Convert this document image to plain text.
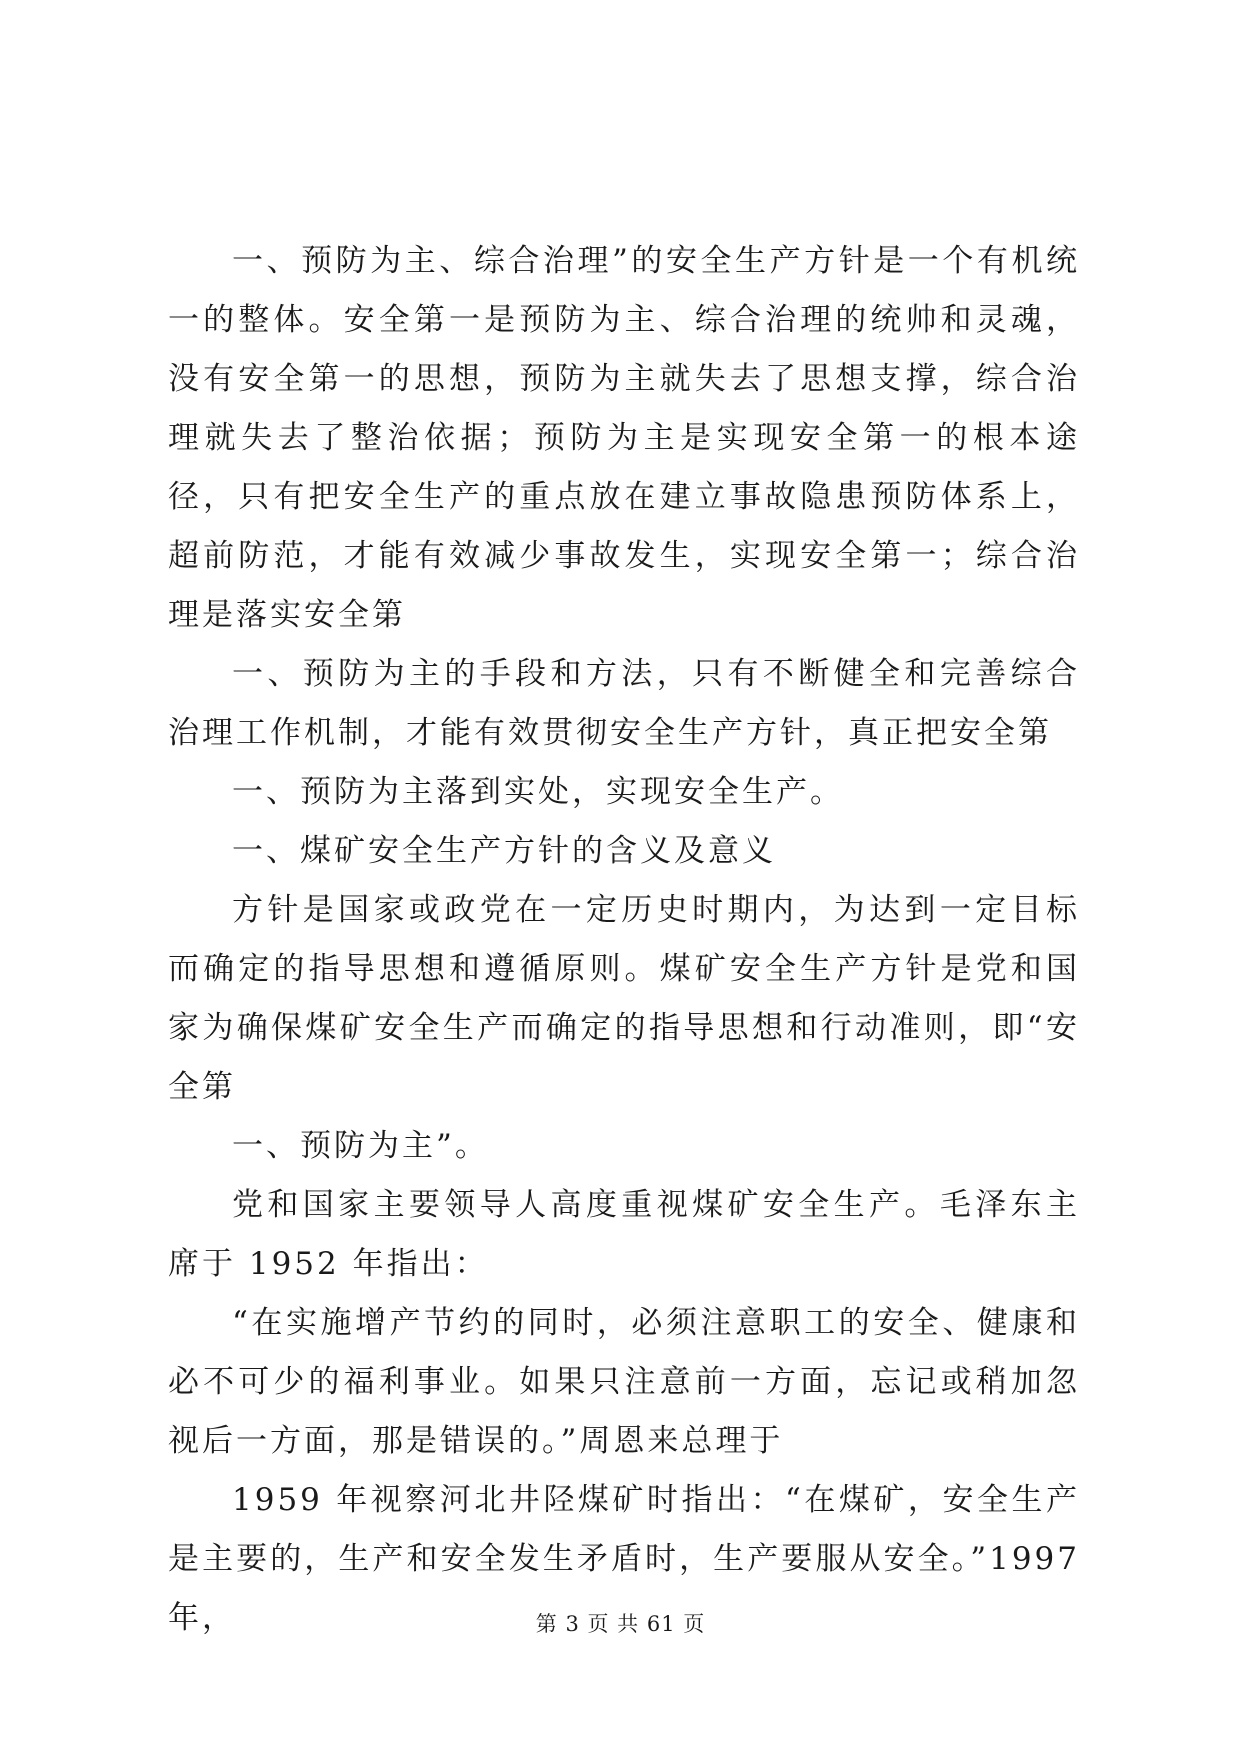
一、预防为主、综合治理”的安全生产方针是一个有机统一的整体。安全第一是预防为主、综合治理的统帅和灵魂，没有安全第一的思想，预防为主就失去了思想支撑，综合治理就失去了整治依据；预防为主是实现安全第一的根本途径，只有把安全生产的重点放在建立事故隐患预防体系上，超前防范，才能有效减少事故发生，实现安全第一；综合治理是落实安全第

一、预防为主的手段和方法，只有不断健全和完善综合治理工作机制，才能有效贯彻安全生产方针，真正把安全第

一、预防为主落到实处，实现安全生产。

一、煤矿安全生产方针的含义及意义

方针是国家或政党在一定历史时期内，为达到一定目标而确定的指导思想和遵循原则。煤矿安全生产方针是党和国家为确保煤矿安全生产而确定的指导思想和行动准则，即“安全第

一、预防为主”。

党和国家主要领导人高度重视煤矿安全生产。毛泽东主席于 1952 年指出：

“在实施增产节约的同时，必须注意职工的安全、健康和必不可少的福利事业。如果只注意前一方面，忘记或稍加忽视后一方面，那是错误的。”周恩来总理于

1959 年视察河北井陉煤矿时指出：“在煤矿，安全生产是主要的，生产和安全发生矛盾时，生产要服从安全。”1997 年，	第 3 页 共 61 页
